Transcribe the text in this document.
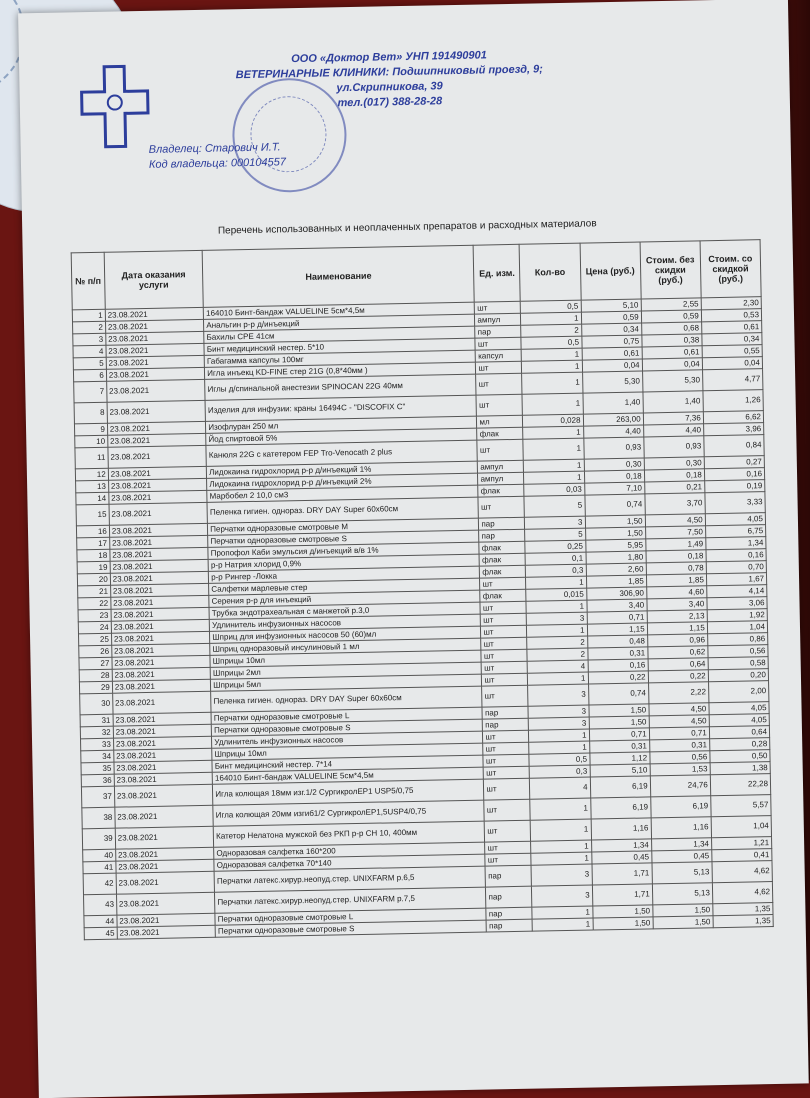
ООО «Доктор Вет» УНП 191490901
ВЕТЕРИНАРНЫЕ КЛИНИКИ: Подшипниковый проезд, 9;
ул.Скрипникова, 39
тел.(017) 388-28-28
Владелец: Старович И.Т.
Код владельца: 000104557
Перечень использованных и неоплаченных препаратов и расходных материалов
№ п/п	Дата оказания услуги	Наименование	Ед. изм.	Кол-во	Цена (руб.)	Стоим. без скидки (руб.)	Стоим. со скидкой (руб.)
1	23.08.2021	164010 Бинт-бандаж VALUELINE 5см*4,5м	шт	0,5	5,10	2,55	2,30
2	23.08.2021	Анальгин р-р д/инъекций	ампул	1	0,59	0,59	0,53
3	23.08.2021	Бахилы CPE 41см	пар	2	0,34	0,68	0,61
4	23.08.2021	Бинт медицинский нестер. 5*10	шт	0,5	0,75	0,38	0,34
5	23.08.2021	Габагамма капсулы 100мг	капсул	1	0,61	0,61	0,55
6	23.08.2021	Игла инъекц KD-FINE стер 21G (0,8*40мм )	шт	1	0,04	0,04	0,04
7	23.08.2021	Иглы д/спинальной анестезии SPINOCAN 22G 40мм	шт	1	5,30	5,30	4,77
8	23.08.2021	Изделия для инфузии: краны 16494С - "DISCOFIX C"	шт	1	1,40	1,40	1,26
9	23.08.2021	Изофлуран 250 мл	мл	0,028	263,00	7,36	6,62
10	23.08.2021	Йод спиртовой 5%	флак	1	4,40	4,40	3,96
11	23.08.2021	Канюля 22G с катетером FEP Tro-Venocath 2 plus	шт	1	0,93	0,93	0,84
12	23.08.2021	Лидокаина гидрохлорид р-р д/инъекций 1%	ампул	1	0,30	0,30	0,27
13	23.08.2021	Лидокаина гидрохлорид р-р д/инъекций 2%	ампул	1	0,18	0,18	0,16
14	23.08.2021	Марбобел 2 10,0 см3	флак	0,03	7,10	0,21	0,19
15	23.08.2021	Пеленка гигиен. однораз. DRY DAY Super 60x60см	шт	5	0,74	3,70	3,33
16	23.08.2021	Перчатки одноразовые смотровые М	пар	3	1,50	4,50	4,05
17	23.08.2021	Перчатки одноразовые смотровые S	пар	5	1,50	7,50	6,75
18	23.08.2021	Пропофол Каби эмульсия д/инъекций в/в 1%	флак	0,25	5,95	1,49	1,34
19	23.08.2021	р-р Натрия хлорид 0,9%	флак	0,1	1,80	0,18	0,16
20	23.08.2021	р-р Рингер -Локка	флак	0,3	2,60	0,78	0,70
21	23.08.2021	Салфетки марлевые стер	шт	1	1,85	1,85	1,67
22	23.08.2021	Серения р-р для инъекций	флак	0,015	306,90	4,60	4,14
23	23.08.2021	Трубка эндотрахеальная с манжетой р.3,0	шт	1	3,40	3,40	3,06
24	23.08.2021	Удлинитель инфузионных насосов	шт	3	0,71	2,13	1,92
25	23.08.2021	Шприц для инфузионных насосов 50 (60)мл	шт	1	1,15	1,15	1,04
26	23.08.2021	Шприц одноразовый инсулиновый 1 мл	шт	2	0,48	0,96	0,86
27	23.08.2021	Шприцы 10мл	шт	2	0,31	0,62	0,56
28	23.08.2021	Шприцы 2мл	шт	4	0,16	0,64	0,58
29	23.08.2021	Шприцы 5мл	шт	1	0,22	0,22	0,20
30	23.08.2021	Пеленка гигиен. однораз. DRY DAY Super 60x60см	шт	3	0,74	2,22	2,00
31	23.08.2021	Перчатки одноразовые смотровые L	пар	3	1,50	4,50	4,05
32	23.08.2021	Перчатки одноразовые смотровые S	пар	3	1,50	4,50	4,05
33	23.08.2021	Удлинитель инфузионных насосов	шт	1	0,71	0,71	0,64
34	23.08.2021	Шприцы 10мл	шт	1	0,31	0,31	0,28
35	23.08.2021	Бинт медицинский нестер. 7*14	шт	0,5	1,12	0,56	0,50
36	23.08.2021	164010 Бинт-бандаж VALUELINE 5см*4,5м	шт	0,3	5,10	1,53	1,38
37	23.08.2021	Игла колющая 18мм изг.1/2 СургикролEP1 USP5/0,75	шт	4	6,19	24,76	22,28
38	23.08.2021	Игла колющая 20мм изгиб1/2 СургикролEP1,5USP4/0,75	шт	1	6,19	6,19	5,57
39	23.08.2021	Катетор Нелатона мужской без РКП р-р СН 10, 400мм	шт	1	1,16	1,16	1,04
40	23.08.2021	Одноразовая салфетка 160*200	шт	1	1,34	1,34	1,21
41	23.08.2021	Одноразовая салфетка 70*140	шт	1	0,45	0,45	0,41
42	23.08.2021	Перчатки латекс.хирур.неопуд.стер. UNIXFARM р.6,5	пар	3	1,71	5,13	4,62
43	23.08.2021	Перчатки латекс.хирур.неопуд.стер. UNIXFARM р.7,5	пар	3	1,71	5,13	4,62
44	23.08.2021	Перчатки одноразовые смотровые L	пар	1	1,50	1,50	1,35
45	23.08.2021	Перчатки одноразовые смотровые S	пар	1	1,50	1,50	1,35
